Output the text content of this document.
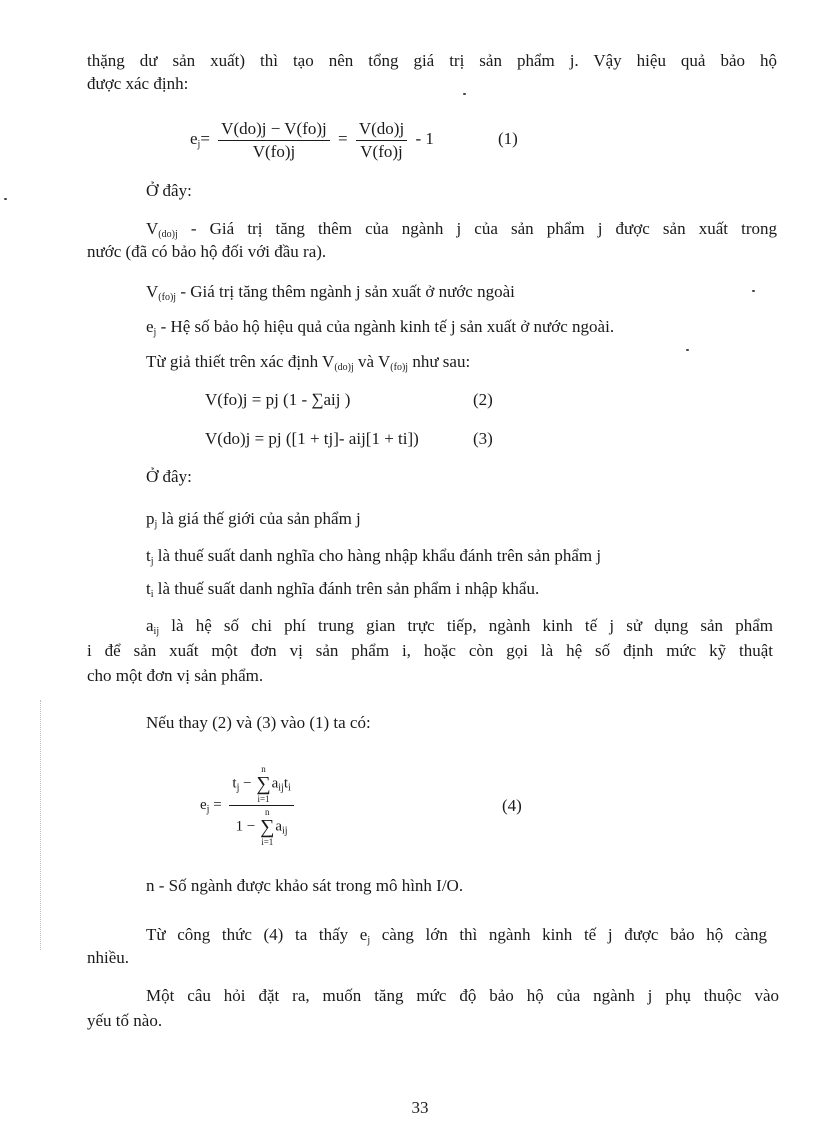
thặng dư sản xuất) thì tạo nên tổng giá trị sản phẩm j. Vậy hiệu quả bảo hộ
được xác định:
$e_j= \frac{V(do)j - V(fo)j}{V(fo)j} = \frac{V(do)j}{V(fo)j} - 1$	(1)
Ở đây:
$V_{(do)j}$ - Giá trị tăng thêm của ngành j của sản phẩm j được sản xuất trong
nước (đã có bảo hộ đối với đầu ra).
$V_{(fo)j}$ - Giá trị tăng thêm ngành j sản xuất ở nước ngoài
$e_j$ - Hệ số bảo hộ hiệu quả của ngành kinh tế j sản xuất ở nước ngoài.
Từ giả thiết trên xác định $V_{(do)j}$ và $V_{(fo)j}$ như sau:
V(fo)j = pj (1 - ∑aij )	(2)
V(do)j = pj ([1 + tj]- aij[1 + ti])	(3)
Ở đây:
$p_j$ là giá thế giới của sản phẩm j
$t_j$ là thuế suất danh nghĩa cho hàng nhập khẩu đánh trên sản phẩm j
$t_i$ là thuế suất danh nghĩa đánh trên sản phẩm i nhập khẩu.
$a_{ij}$ là hệ số chi phí trung gian trực tiếp, ngành kinh tế j sử dụng sản phẩm
i để sản xuất một đơn vị sản phẩm i, hoặc còn gọi là hệ số định mức kỹ thuật
cho một đơn vị sản phẩm.
Nếu thay (2) và (3) vào (1) ta có:
$e_j = t_j$ −
n
∑
i=1
$a_{ij}t_i$
1 −
n
∑
i=1
$a_{ij}$	(4)
n - Số ngành được khảo sát trong mô hình I/O.
Từ công thức (4) ta thấy $e_j$ càng lớn thì ngành kinh tế j được bảo hộ càng
nhiều.
Một câu hỏi đặt ra, muốn tăng mức độ bảo hộ của ngành j phụ thuộc vào
yếu tố nào.
33
